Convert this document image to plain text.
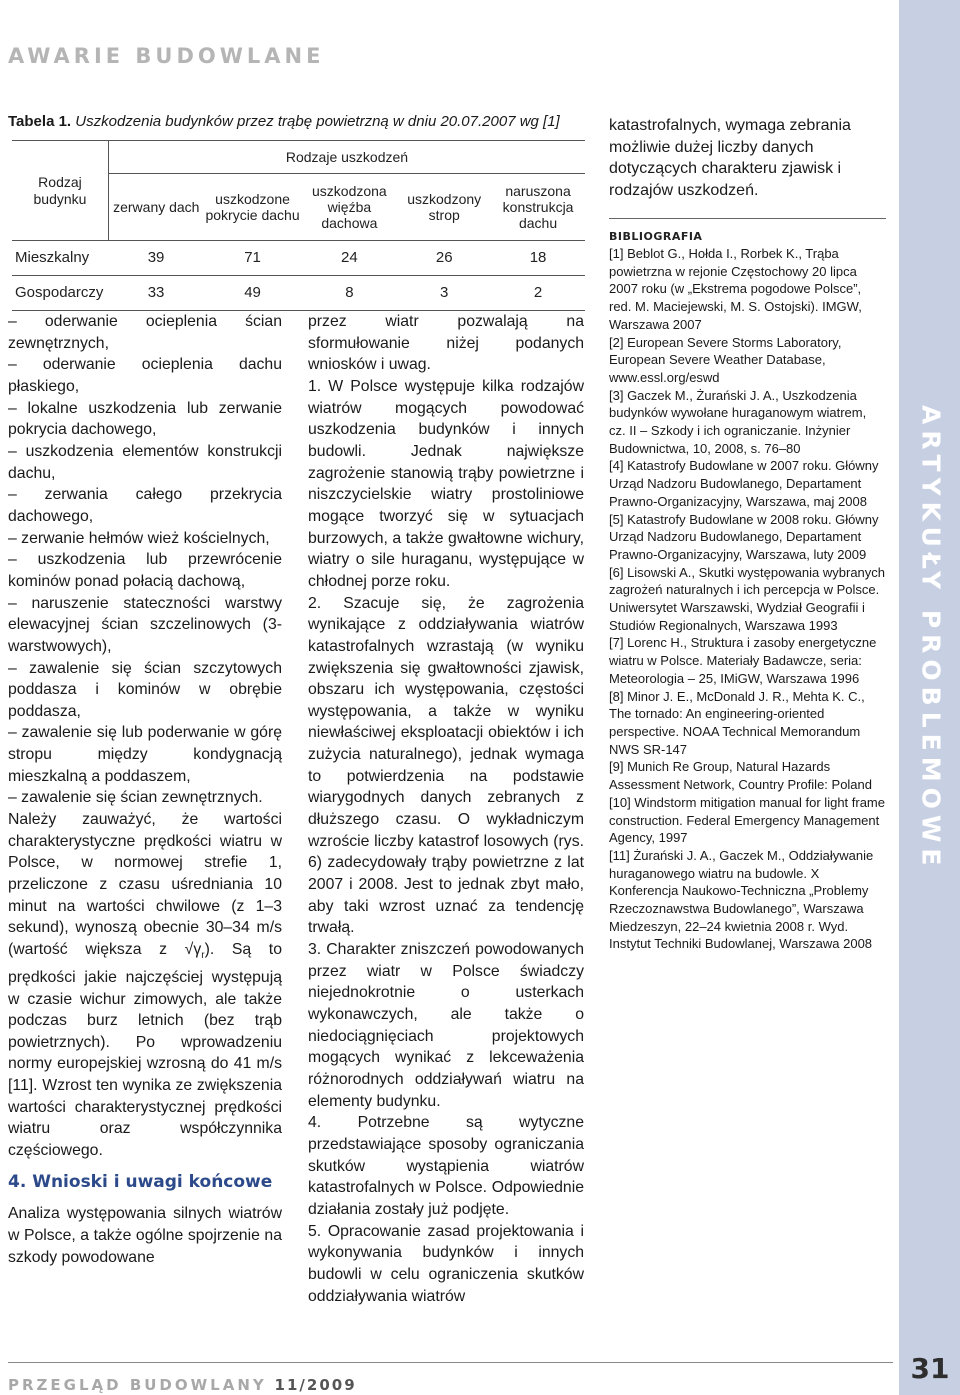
AWARIE BUDOWLANE
ARTYKUŁY PROBLEMOWE
31
Tabela 1. Uszkodzenia budynków przez trąbę powietrzną w dniu 20.07.2007 wg [1]
Rodzaj budynku	Rodzaje uszkodzeń				
	zerwany dach	uszkodzone pokrycie dachu	uszkodzona więźba dachowa	uszkodzony strop	naruszona konstrukcja dachu
Mieszkalny	39	71	24	26	18
Gospodarczy	33	49	8	3	2

– oderwanie ocieplenia ścian zewnętrznych,

– oderwanie ocieplenia dachu płaskiego,

– lokalne uszkodzenia lub zerwanie pokrycia dachowego,

– uszkodzenia elementów konstrukcji dachu,

– zerwania całego przekrycia dachowego,

– zerwanie hełmów wież kościelnych,

– uszkodzenia lub przewrócenie kominów ponad połacią dachową,

– naruszenie stateczności warstwy elewacyjnej ścian szczelinowych (3-warstwowych),

– zawalenie się ścian szczytowych poddasza i kominów w obrębie poddasza,

– zawalenie się lub poderwanie w górę stropu między kondygnacją mieszkalną a poddaszem,

– zawalenie się ścian zewnętrznych.

Należy zauważyć, że wartości charakterystyczne prędkości wiatru w Polsce, w normowej strefie 1, przeliczone z czasu uśredniania 10 minut na wartości chwilowe (z 1–3 sekund), wynoszą obecnie 30–34 m/s (wartość większa z $√\gamma_r$). Są to prędkości jakie najczęściej występują w czasie wichur zimowych, ale także podczas burz letnich (bez trąb powietrznych). Po wprowadzeniu normy europejskiej wzrosną do 41 m/s [11]. Wzrost ten wynika ze zwiększenia wartości charakterystycznej prędkości wiatru oraz współczynnika częściowego.

4. Wnioski i uwagi końcowe

Analiza występowania silnych wiatrów w Polsce, a także ogólne spojrzenie na szkody powodowane

przez wiatr pozwalają na sformułowanie niżej podanych wniosków i uwag.

1. W Polsce występuje kilka rodzajów wiatrów mogących powodować uszkodzenia budynków i innych budowli. Jednak największe zagrożenie stanowią trąby powietrzne i niszczycielskie wiatry prostoliniowe mogące tworzyć się w sytuacjach burzowych, a także gwałtowne wichury, wiatry o sile huraganu, występujące w chłodnej porze roku.

2. Szacuje się, że zagrożenia wynikające z oddziaływania wiatrów katastrofalnych wzrastają (w wyniku zwiększenia się gwałtowności zjawisk, obszaru ich występowania, częstości występowania, a także w wyniku niewłaściwej eksploatacji obiektów i ich zużycia naturalnego), jednak wymaga to potwierdzenia na podstawie wiarygodnych danych zebranych z dłuższego czasu. O wykładniczym wzroście liczby katastrof losowych (rys. 6) zadecydowały trąby powietrzne z lat 2007 i 2008. Jest to jednak zbyt mało, aby taki wzrost uznać za tendencję trwałą.

3. Charakter zniszczeń powodowanych przez wiatr w Polsce świadczy niejednokrotnie o usterkach wykonawczych, ale także o niedociągnięciach projektowych mogących wynikać z lekceważenia różnorodnych oddziaływań wiatru na elementy budynku.

4. Potrzebne są wytyczne przedstawiające sposoby ograniczania skutków wystąpienia wiatrów katastrofalnych w Polsce. Odpowiednie działania zostały już podjęte.

5. Opracowanie zasad projektowania i wykonywania budynków i innych budowli w celu ograniczenia skutków oddziaływania wiatrów

katastrofalnych, wymaga zebrania możliwie dużej liczby danych dotyczących charakteru zjawisk i rodzajów uszkodzeń.

BIBLIOGRAFIA

[1] Beblot G., Hołda I., Rorbek K., Trąba powietrzna w rejonie Częstochowy 20 lipca 2007 roku (w „Ekstrema pogodowe Polsce”, red. M. Maciejewski, M. S. Ostojski). IMGW, Warszawa 2007

[2] European Severe Storms Laboratory, European Severe Weather Database, www.essl.org/eswd

[3] Gaczek M., Żurański J. A., Uszkodzenia budynków wywołane huraganowym wiatrem, cz. II – Szkody i ich ograniczanie. Inżynier Budownictwa, 10, 2008, s. 76–80

[4] Katastrofy Budowlane w 2007 roku. Główny Urząd Nadzoru Budowlanego, Departament Prawno-Organizacyjny, Warszawa, maj 2008

[5] Katastrofy Budowlane w 2008 roku. Główny Urząd Nadzoru Budowlanego, Departament Prawno-Organizacyjny, Warszawa, luty 2009

[6] Lisowski A., Skutki występowania wybranych zagrożeń naturalnych i ich percepcja w Polsce. Uniwersytet Warszawski, Wydział Geografii i Studiów Regionalnych, Warszawa 1993

[7] Lorenc H., Struktura i zasoby energetyczne wiatru w Polsce. Materiały Badawcze, seria: Meteorologia – 25, IMiGW, Warszawa 1996

[8] Minor J. E., McDonald J. R., Mehta K. C., The tornado: An engineering-oriented perspective. NOAA Technical Memorandum NWS SR-147

[9] Munich Re Group, Natural Hazards Assessment Network, Country Profile: Poland

[10] Windstorm mitigation manual for light frame construction. Federal Emergency Management Agency, 1997

[11] Żurański J. A., Gaczek M., Oddziaływanie huraganowego wiatru na budowle. X Konferencja Naukowo-Techniczna „Problemy Rzeczoznawstwa Budowlanego”, Warszawa Miedzeszyn, 22–24 kwietnia 2008 r. Wyd. Instytut Techniki Budowlanej, Warszawa 2008

PRZEGLĄD BUDOWLANY 11/2009
